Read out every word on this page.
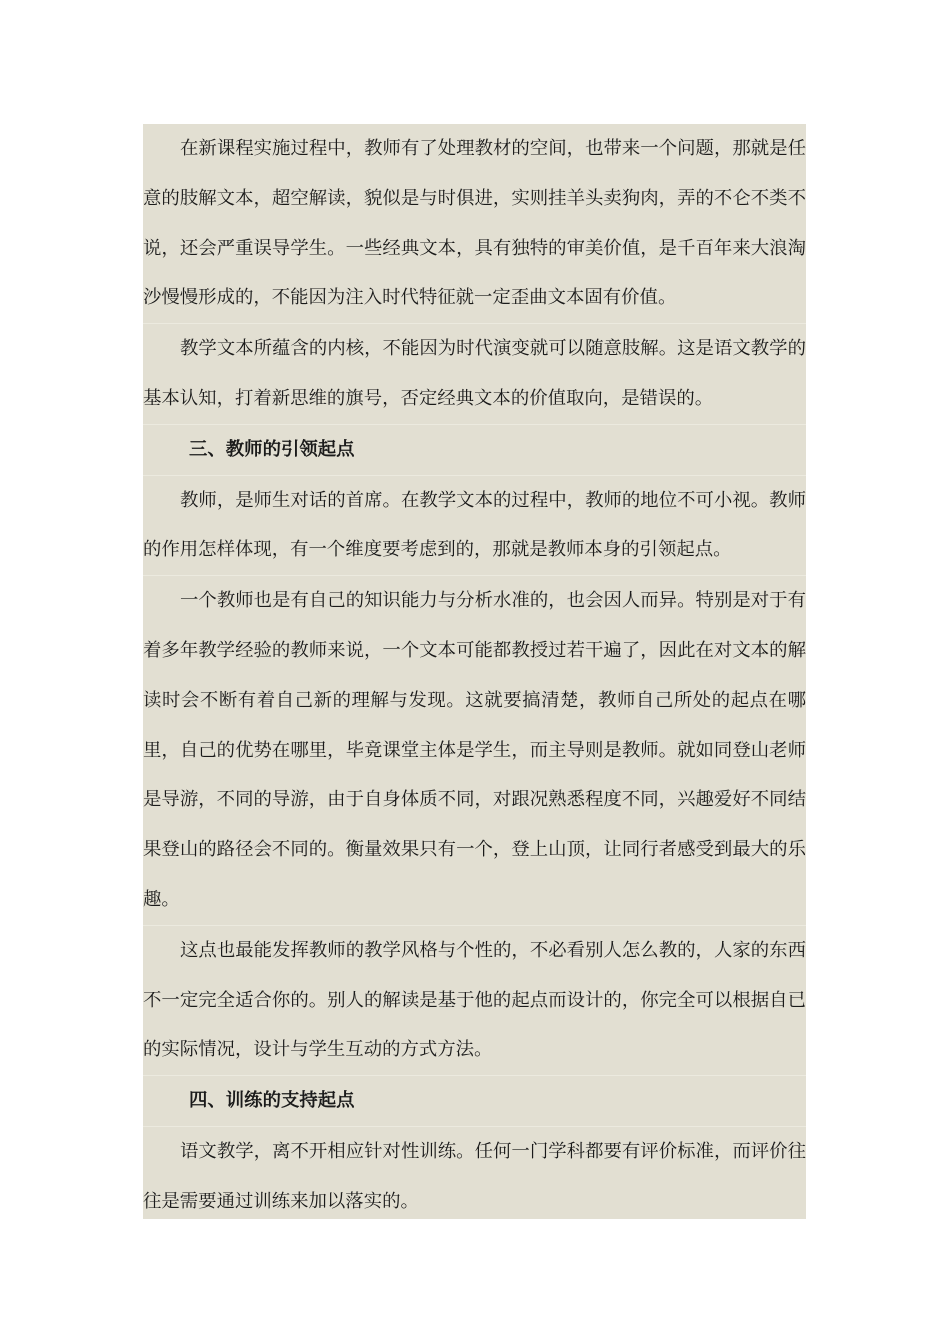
在新课程实施过程中，教师有了处理教材的空间，也带来一个问题，那就是任意的肢解文本，超空解读，貌似是与时俱进，实则挂羊头卖狗肉，弄的不仑不类不说，还会严重误导学生。一些经典文本，具有独特的审美价值，是千百年来大浪淘沙慢慢形成的，不能因为注入时代特征就一定歪曲文本固有价值。
教学文本所蕴含的内核，不能因为时代演变就可以随意肢解。这是语文教学的基本认知，打着新思维的旗号，否定经典文本的价值取向，是错误的。
三、教师的引领起点
教师，是师生对话的首席。在教学文本的过程中，教师的地位不可小视。教师的作用怎样体现，有一个维度要考虑到的，那就是教师本身的引领起点。
一个教师也是有自己的知识能力与分析水准的，也会因人而异。特别是对于有着多年教学经验的教师来说，一个文本可能都教授过若干遍了，因此在对文本的解读时会不断有着自己新的理解与发现。这就要搞清楚，教师自己所处的起点在哪里，自己的优势在哪里，毕竟课堂主体是学生，而主导则是教师。就如同登山老师是导游，不同的导游，由于自身体质不同，对跟况熟悉程度不同，兴趣爱好不同结果登山的路径会不同的。衡量效果只有一个，登上山顶，让同行者感受到最大的乐趣。
这点也最能发挥教师的教学风格与个性的，不必看别人怎么教的，人家的东西不一定完全适合你的。别人的解读是基于他的起点而设计的，你完全可以根据自已的实际情况，设计与学生互动的方式方法。
四、训练的支持起点
语文教学，离不开相应针对性训练。任何一门学科都要有评价标准，而评价往往是需要通过训练来加以落实的。
